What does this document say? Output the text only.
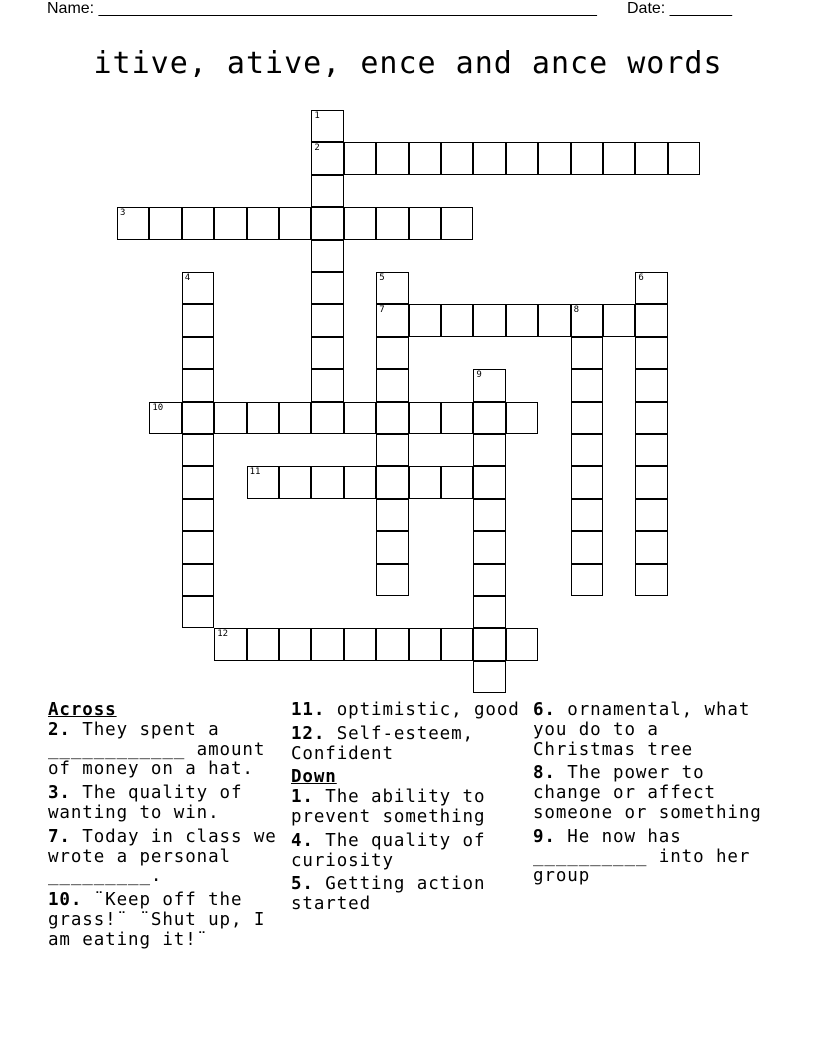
Name: ________________________________________________________

Date: _______

itive, ative, ence and ance words
2
3
7	8
10
11
12
1
4	5	6
9
Across
2. They spent a ____________ amount of money on a hat.
3. The quality of wanting to win.
7. Today in class we wrote a personal _________.
10. ¨Keep off the grass!¨ ¨Shut up, I am eating it!¨
11. optimistic, good
12. Self-esteem, Confident
Down
1. The ability to prevent something
4. The quality of curiosity
5. Getting action started
6. ornamental, what you do to a Christmas tree
8. The power to change or affect someone or something
9. He now has __________ into her group
